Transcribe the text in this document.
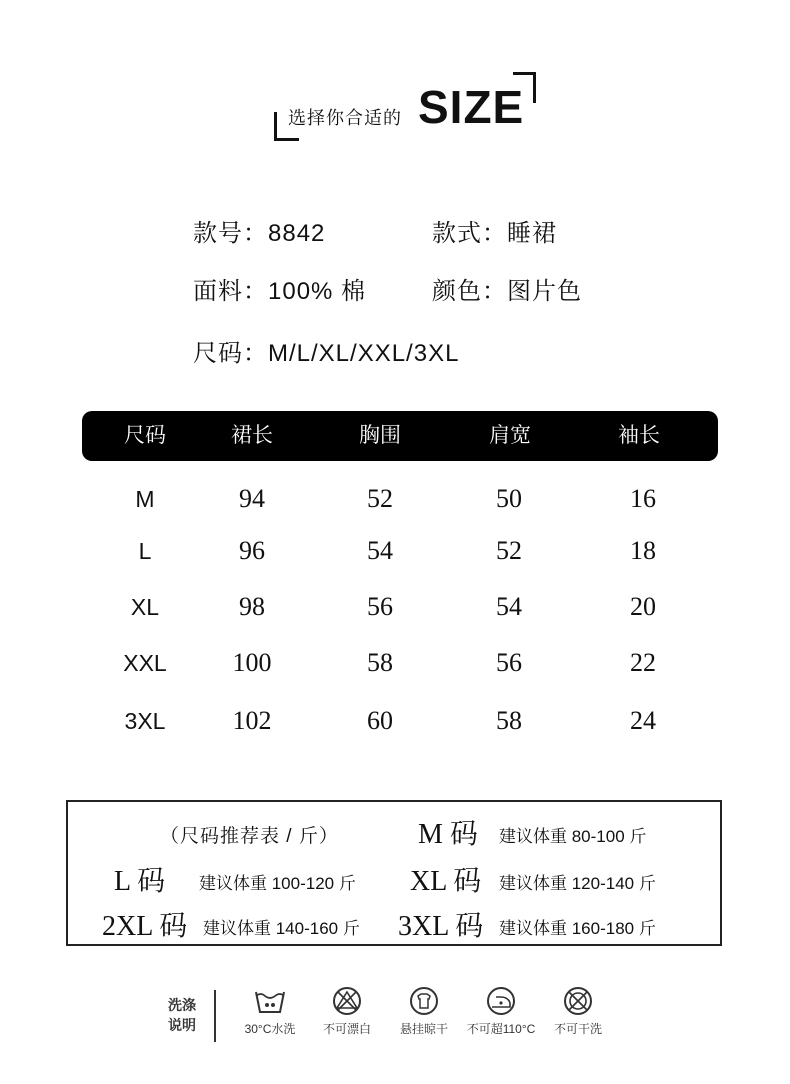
选择你合适的 SIZE
款号：8842	款式：睡裙
面料：100% 棉	颜色：图片色
尺码：M/L/XL/XXL/3XL
尺码	裙长	胸围	肩宽	袖长
M	94	52	50	16
L	96	54	52	18
XL	98	56	54	20
XXL	100	58	56	22
3XL	102	60	58	24
（尺码推荐表 / 斤）	M 码 建议体重 80-100 斤
L 码 建议体重 100-120 斤 XL 码 建议体重 120-140 斤
2XL 码 建议体重 140-160 斤 3XL 码 建议体重 160-180 斤
洗涤
说明	30°C水洗	不可漂白	悬挂晾干	不可超110°C	不可干洗
